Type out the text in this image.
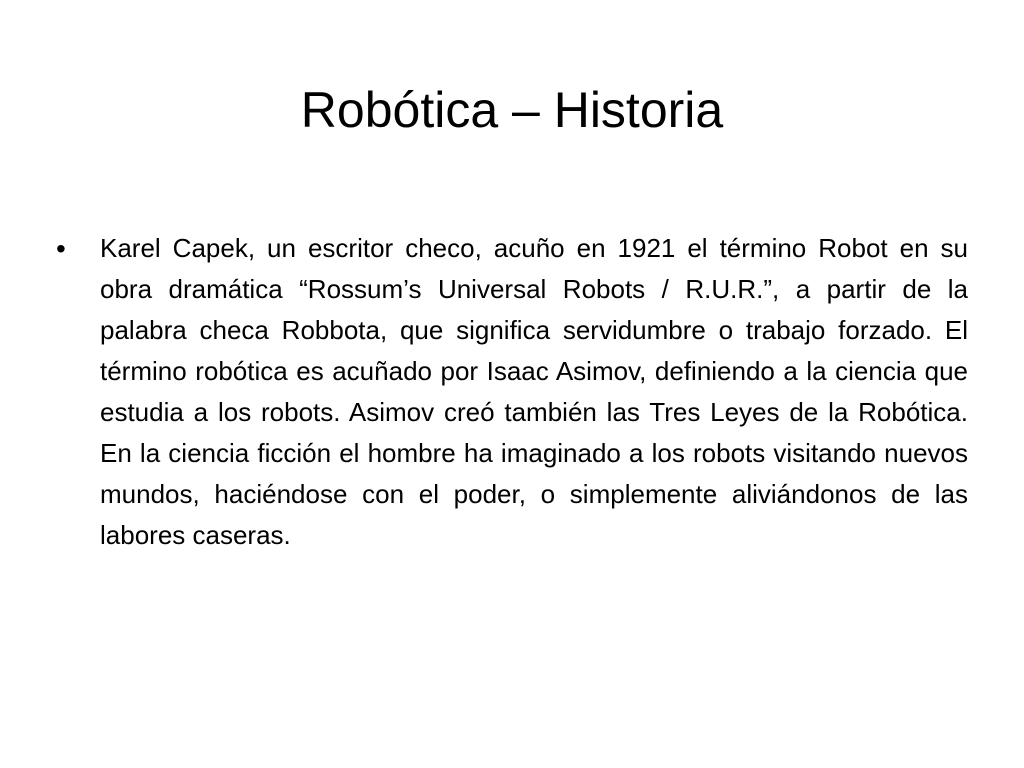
Robótica – Historia
•	Karel Capek, un escritor checo, acuño en 1921 el término Robot en su obra dramática “Rossum’s Universal Robots / R.U.R.”, a partir de la palabra checa Robbota, que significa servidumbre o trabajo forzado. El término robótica es acuñado por Isaac Asimov, definiendo a la ciencia que estudia a los robots. Asimov creó también las Tres Leyes de la Robótica. En la ciencia ficción el hombre ha imaginado a los robots visitando nuevos mundos, haciéndose con el poder, o simplemente aliviándonos de las labores caseras.
